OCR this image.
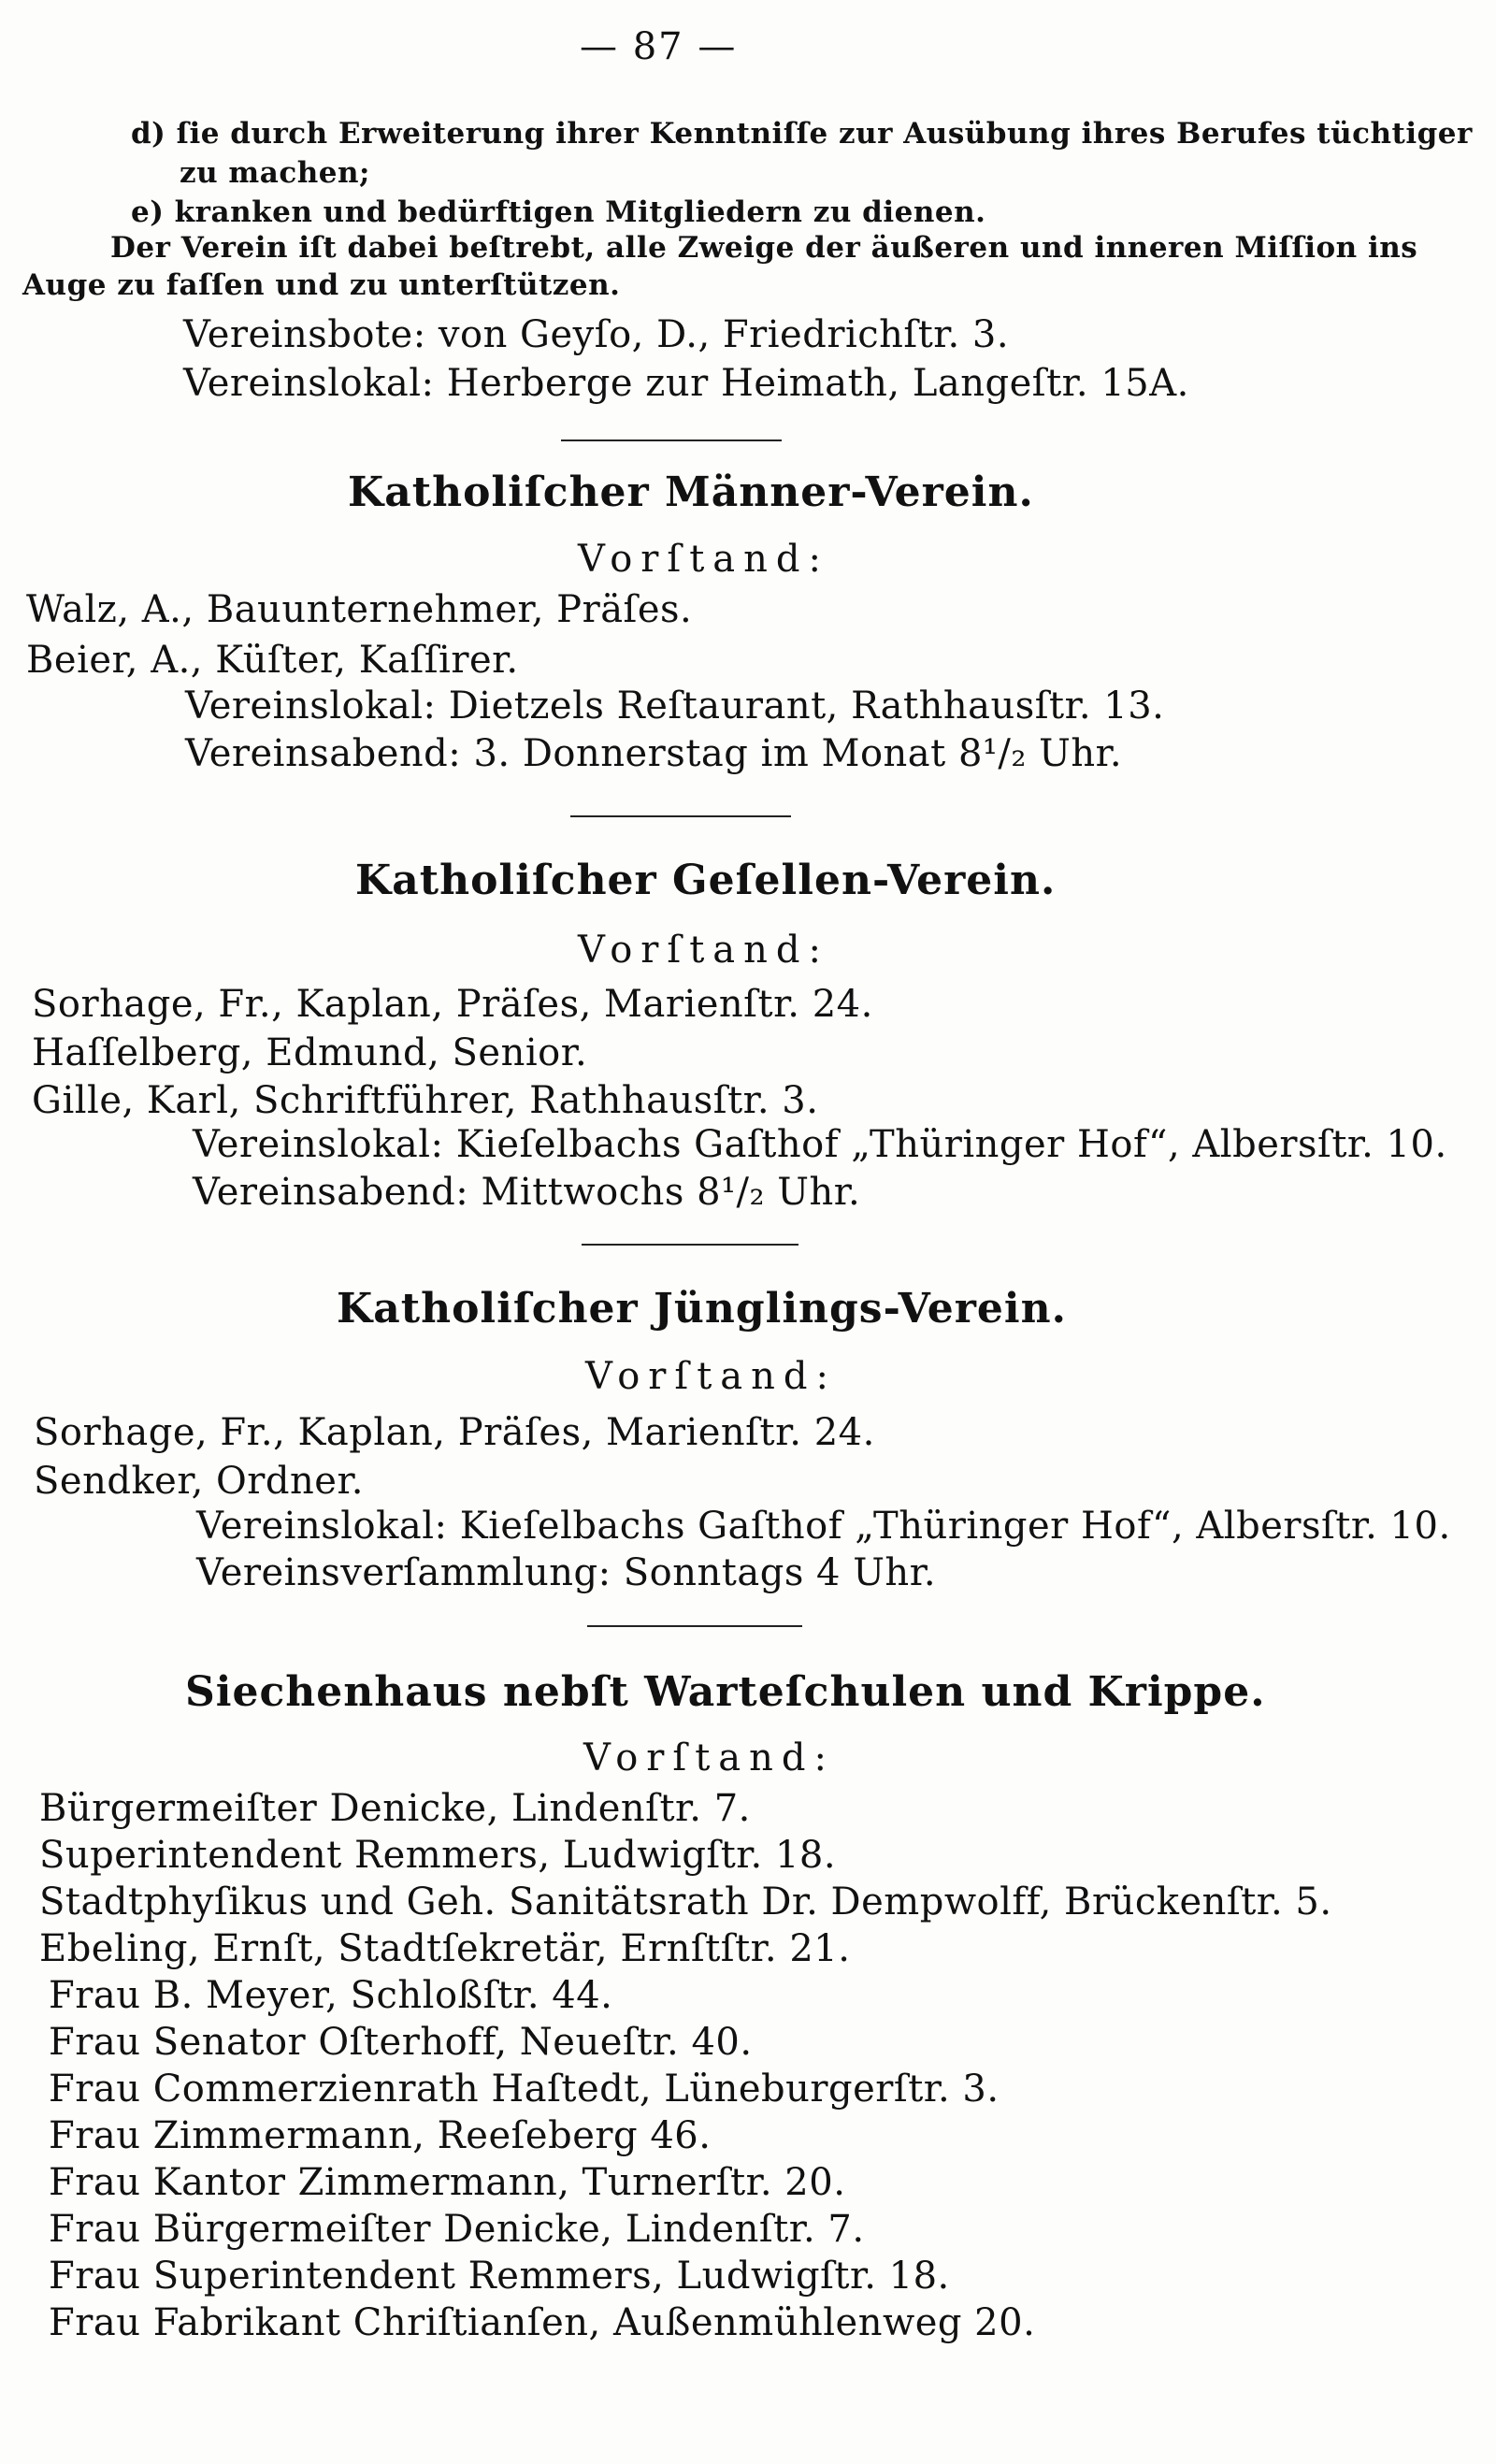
— 87 —
d) ſie durch Erweiterung ihrer Kenntniſſe zur Ausübung ihres Berufes tüchtiger
zu machen;
e) kranken und bedürftigen Mitgliedern zu dienen.
Der Verein iſt dabei beſtrebt, alle Zweige der äußeren und inneren Miſſion ins
Auge zu faſſen und zu unterſtützen.
Vereinsbote: von Geyſo, D., Friedrichſtr. 3.
Vereinslokal: Herberge zur Heimath, Langeſtr. 15A.
Katholiſcher Männer-Verein.
Vorſtand:
Walz, A., Bauunternehmer, Präſes.
Beier, A., Küſter, Kaſſirer.
Vereinslokal: Dietzels Reſtaurant, Rathhausſtr. 13.
Vereinsabend: 3. Donnerstag im Monat 8¹/₂ Uhr.
Katholiſcher Geſellen-Verein.
Vorſtand:
Sorhage, Fr., Kaplan, Präſes, Marienſtr. 24.
Haſſelberg, Edmund, Senior.
Gille, Karl, Schriftführer, Rathhausſtr. 3.
Vereinslokal: Kieſelbachs Gaſthof „Thüringer Hof“, Albersſtr. 10.
Vereinsabend: Mittwochs 8¹/₂ Uhr.
Katholiſcher Jünglings-Verein.
Vorſtand:
Sorhage, Fr., Kaplan, Präſes, Marienſtr. 24.
Sendker, Ordner.
Vereinslokal: Kieſelbachs Gaſthof „Thüringer Hof“, Albersſtr. 10.
Vereinsverſammlung: Sonntags 4 Uhr.
Siechenhaus nebſt Warteſchulen und Krippe.
Vorſtand:
Bürgermeiſter Denicke, Lindenſtr. 7.
Superintendent Remmers, Ludwigſtr. 18.
Stadtphyſikus und Geh. Sanitätsrath Dr. Dempwolff, Brückenſtr. 5.
Ebeling, Ernſt, Stadtſekretär, Ernſtſtr. 21.
Frau B. Meyer, Schloßſtr. 44.
Frau Senator Oſterhoff, Neueſtr. 40.
Frau Commerzienrath Haſtedt, Lüneburgerſtr. 3.
Frau Zimmermann, Reeſeberg 46.
Frau Kantor Zimmermann, Turnerſtr. 20.
Frau Bürgermeiſter Denicke, Lindenſtr. 7.
Frau Superintendent Remmers, Ludwigſtr. 18.
Frau Fabrikant Chriſtianſen, Außenmühlenweg 20.
